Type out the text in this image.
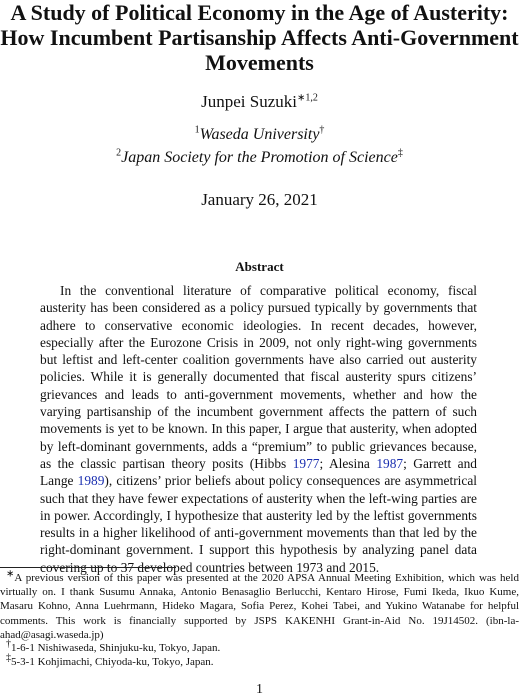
A Study of Political Economy in the Age of Austerity:
How Incumbent Partisanship Affects Anti-Government
Movements
Junpei Suzuki$^{∗1,2}$
$^1$Waseda University†
$^2$Japan Society for the Promotion of Science‡
January 26, 2021
Abstract

In the conventional literature of comparative political economy, fiscal austerity has been considered as a policy pursued typically by governments that adhere to conservative economic ideologies. In recent decades, however, especially after the Eurozone Crisis in 2009, not only right-wing governments but leftist and left-center coalition governments have also carried out austerity policies. While it is generally documented that fiscal austerity spurs citizens’ grievances and leads to anti-government movements, whether and how the varying partisanship of the incumbent government affects the pattern of such movements is yet to be known. In this paper, I argue that austerity, when adopted by left-dominant governments, adds a “premium” to public grievances because, as the classic partisan theory posits (Hibbs 1977; Alesina 1987; Garrett and Lange 1989), citizens’ prior beliefs about policy consequences are asymmetrical such that they have fewer expectations of austerity when the left-wing parties are in power. Accordingly, I hypothesize that austerity led by the leftist governments results in a higher likelihood of anti-government movements than that led by the right-dominant government. I support this hypothesis by analyzing panel data covering up to 37 developed countries between 1973 and 2015.

∗A previous version of this paper was presented at the 2020 APSA Annual Meeting Exhibition, which was held virtually on. I thank Susumu Annaka, Antonio Benasaglio Berlucchi, Kentaro Hirose, Fumi Ikeda, Ikuo Kume, Masaru Kohno, Anna Luehrmann, Hideko Magara, Sofia Perez, Kohei Tabei, and Yukino Watanabe for helpful comments. This work is financially supported by JSPS KAKENHI Grant-in-Aid No. 19J14502. (ibn-la-ahad@asagi.waseda.jp)

†1-6-1 Nishiwaseda, Shinjuku-ku, Tokyo, Japan.

‡5-3-1 Kohjimachi, Chiyoda-ku, Tokyo, Japan.

1
